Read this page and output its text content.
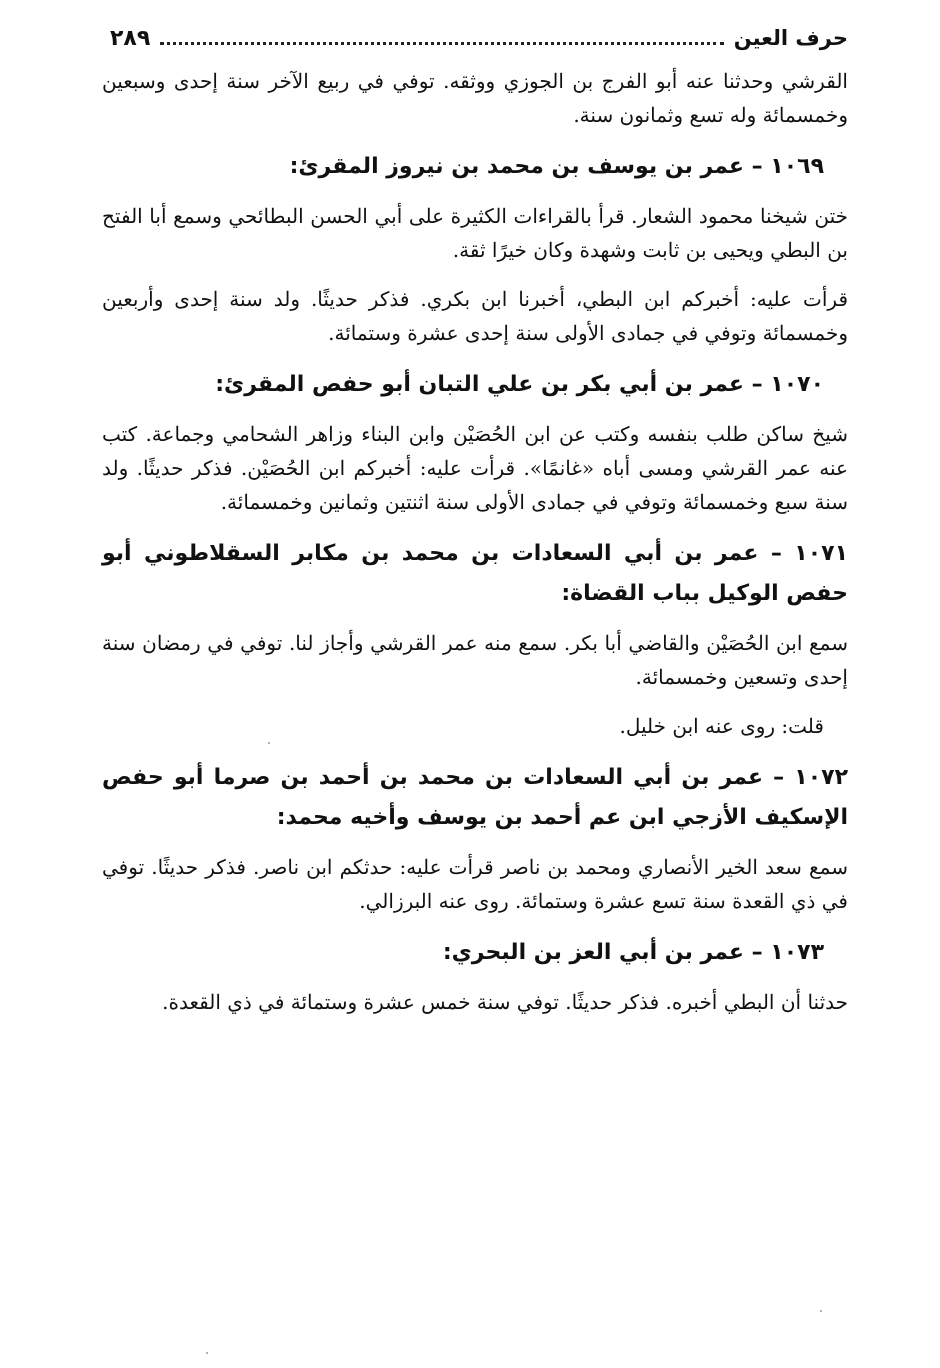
حرف العين
٢٨٩

القرشي وحدثنا عنه أبو الفرج بن الجوزي ووثقه. توفي في ربيع الآخر سنة إحدى وسبعين وخمسمائة وله تسع وثمانون سنة.

١٠٦٩ – عمر بن يوسف بن محمد بن نيروز المقرئ:

ختن شيخنا محمود الشعار. قرأ بالقراءات الكثيرة على أبي الحسن البطائحي وسمع أبا الفتح بن البطي ويحيى بن ثابت وشهدة وكان خيرًا ثقة.

قرأت عليه: أخبركم ابن البطي، أخبرنا ابن بكري. فذكر حديثًا. ولد سنة إحدى وأربعين وخمسمائة وتوفي في جمادى الأولى سنة إحدى عشرة وستمائة.

١٠٧٠ – عمر بن أبي بكر بن علي التبان أبو حفص المقرئ:

شيخ ساكن طلب بنفسه وكتب عن ابن الحُصَيْن وابن البناء وزاهر الشحامي وجماعة. كتب عنه عمر القرشي ومسى أباه «غانمًا». قرأت عليه: أخبركم ابن الحُصَيْن. فذكر حديثًا. ولد سنة سبع وخمسمائة وتوفي في جمادى الأولى سنة اثنتين وثمانين وخمسمائة.

١٠٧١ – عمر بن أبي السعادات بن محمد بن مكابر السقلاطوني أبو حفص الوكيل بباب القضاة:

سمع ابن الحُصَيْن والقاضي أبا بكر. سمع منه عمر القرشي وأجاز لنا. توفي في رمضان سنة إحدى وتسعين وخمسمائة.

قلت: روى عنه ابن خليل.

١٠٧٢ – عمر بن أبي السعادات بن محمد بن أحمد بن صرما أبو حفص الإسكيف الأزجي ابن عم أحمد بن يوسف وأخيه محمد:

سمع سعد الخير الأنصاري ومحمد بن ناصر قرأت عليه: حدثكم ابن ناصر. فذكر حديثًا. توفي في ذي القعدة سنة تسع عشرة وستمائة. روى عنه البرزالي.

١٠٧٣ – عمر بن أبي العز بن البحري:

حدثنا أن البطي أخبره. فذكر حديثًا. توفي سنة خمس عشرة وستمائة في ذي القعدة.
